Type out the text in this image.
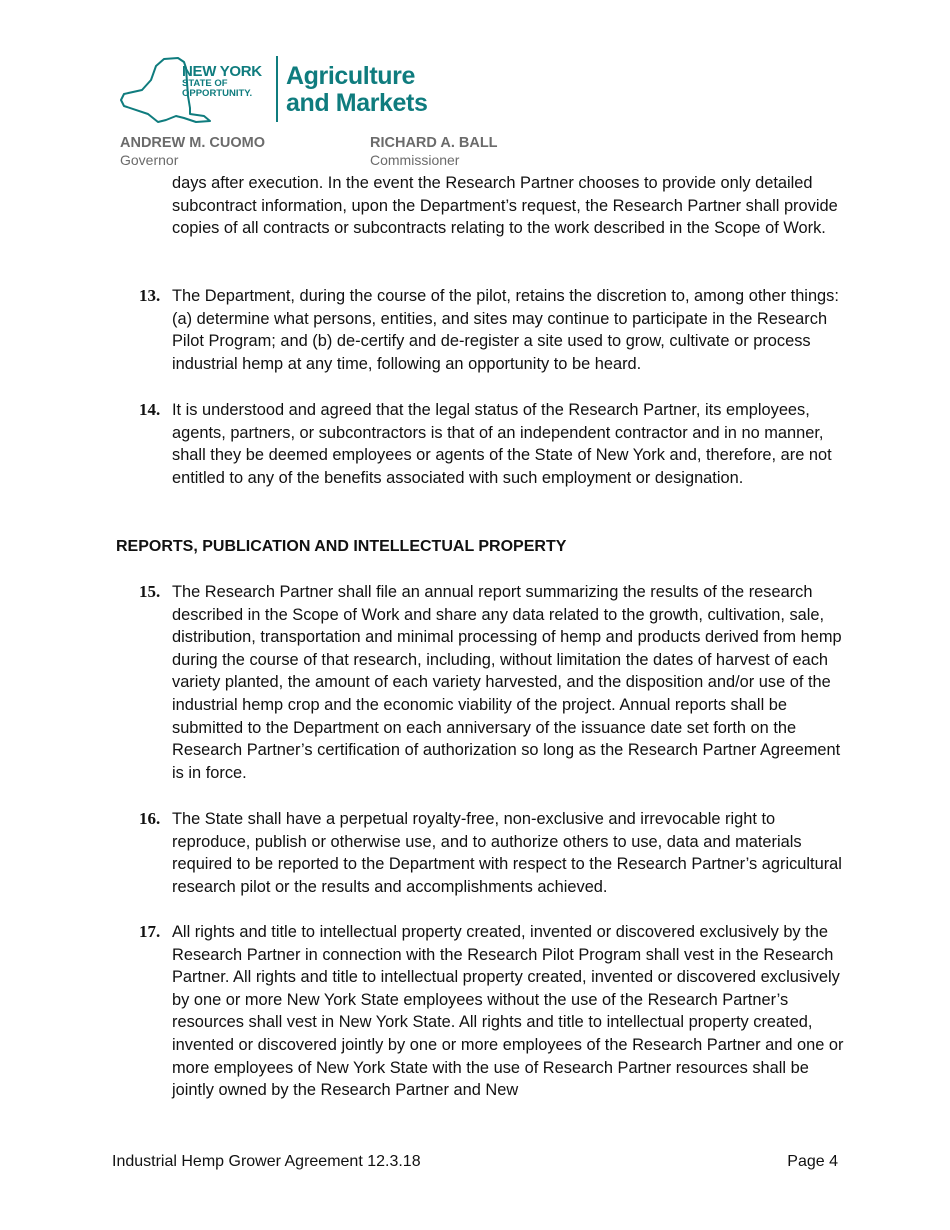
NEW YORK
STATE OF
OPPORTUNITY.
Agriculture
and Markets
ANDREW M. CUOMO
Governor
RICHARD A. BALL
Commissioner

days after execution. In the event the Research Partner chooses to provide only detailed subcontract information, upon the Department’s request, the Research Partner shall provide copies of all contracts or subcontracts relating to the work described in the Scope of Work.

13. The Department, during the course of the pilot, retains the discretion to, among other things: (a) determine what persons, entities, and sites may continue to participate in the Research Pilot Program; and (b) de-certify and de-register a site used to grow, cultivate or process industrial hemp at any time, following an opportunity to be heard.

14. It is understood and agreed that the legal status of the Research Partner, its employees, agents, partners, or subcontractors is that of an independent contractor and in no manner, shall they be deemed employees or agents of the State of New York and, therefore, are not entitled to any of the benefits associated with such employment or designation.

REPORTS, PUBLICATION AND INTELLECTUAL PROPERTY
15. The Research Partner shall file an annual report summarizing the results of the research described in the Scope of Work and share any data related to the growth, cultivation, sale, distribution, transportation and minimal processing of hemp and products derived from hemp during the course of that research, including, without limitation the dates of harvest of each variety planted, the amount of each variety harvested, and the disposition and/or use of the industrial hemp crop and the economic viability of the project. Annual reports shall be submitted to the Department on each anniversary of the issuance date set forth on the Research Partner’s certification of authorization so long as the Research Partner Agreement is in force.

16. The State shall have a perpetual royalty-free, non-exclusive and irrevocable right to reproduce, publish or otherwise use, and to authorize others to use, data and materials required to be reported to the Department with respect to the Research Partner’s agricultural research pilot or the results and accomplishments achieved.

17. All rights and title to intellectual property created, invented or discovered exclusively by the Research Partner in connection with the Research Pilot Program shall vest in the Research Partner. All rights and title to intellectual property created, invented or discovered exclusively by one or more New York State employees without the use of the Research Partner’s resources shall vest in New York State. All rights and title to intellectual property created, invented or discovered jointly by one or more employees of the Research Partner and one or more employees of New York State with the use of Research Partner resources shall be jointly owned by the Research Partner and New

Industrial Hemp Grower Agreement 12.3.18	Page 4
